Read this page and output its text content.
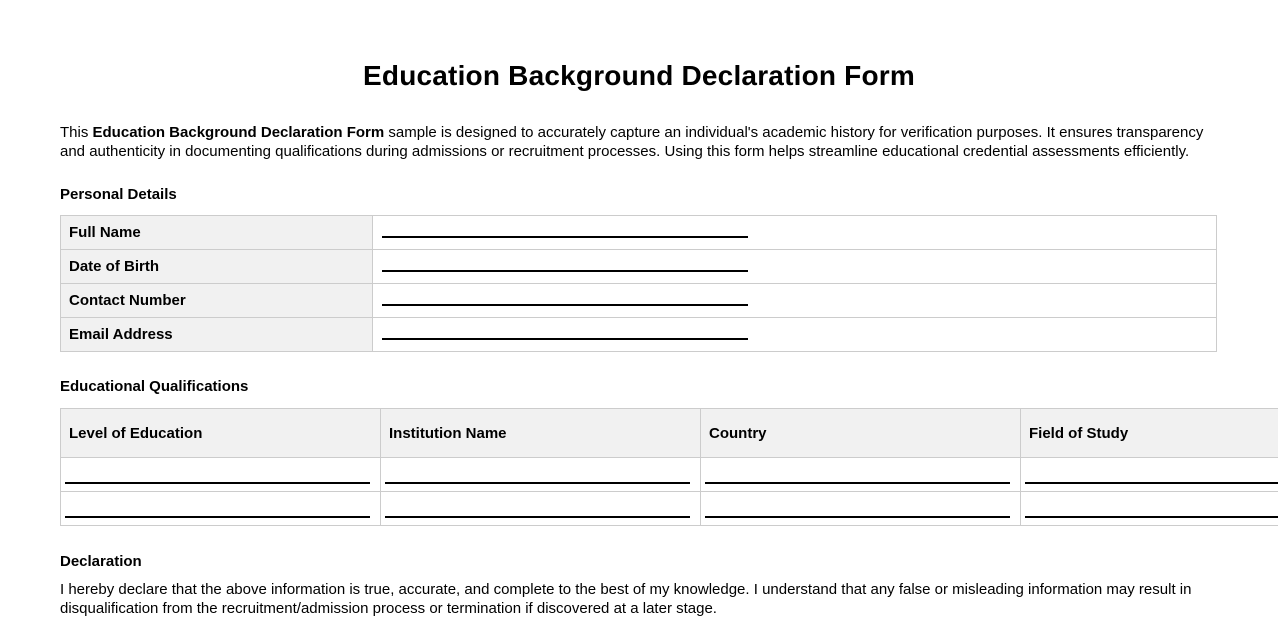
Education Background Declaration Form

This Education Background Declaration Form sample is designed to accurately capture an individual's academic history for verification purposes. It ensures transparency and authenticity in documenting qualifications during admissions or recruitment processes. Using this form helps streamline educational credential assessments efficiently.

Personal Details
Full Name	

Date of Birth	

Contact Number	

Email Address	
Educational Qualifications
Level of Education	Institution Name	Country	Field of Study

Declaration

I hereby declare that the above information is true, accurate, and complete to the best of my knowledge. I understand that any false or misleading information may result in disqualification from the recruitment/admission process or termination if discovered at a later stage.
